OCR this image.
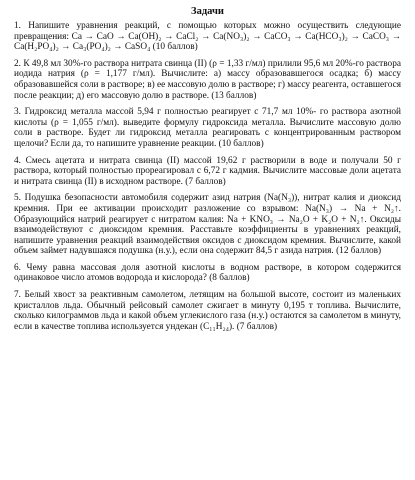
Задачи

1. Напишите уравнения реакций, с помощью которых можно осуществить следующие превращения: Ca → CaO → Ca(OH)₂ → CaCl₂ → Ca(NO₃)₂ → CaCO₃ → Ca(HCO₃)₂ → CaCO₃ → Ca(H₂PO₄)₂ → Ca₃(PO₄)₂ → CaSO₄ (10 баллов)

2. К 49,8 мл 30%-го раствора нитрата свинца (II) (ρ = 1,33 г/мл) прилили 95,6 мл 20%-го раствора иодида натрия (ρ = 1,177 г/мл). Вычислите: а) массу образовавшегося осадка; б) массу образовавшейся соли в растворе; в) ее массовую долю в растворе; г) массу реагента, оставшегося после реакции; д) его массовую долю в растворе. (13 баллов)

3. Гидроксид металла массой 5,94 г полностью реагирует с 71,7 мл 10%- го раствора азотной кислоты (ρ = 1,055 г/мл). выведите формулу гидроксида металла. Вычислите массовую долю соли в растворе. Будет ли гидроксид металла реагировать с концентрированным раствором щелочи? Если да, то напишите уравнение реакции. (10 баллов)

4. Смесь ацетата и нитрата свинца (II) массой 19,62 г растворили в воде и получали 50 г раствора, который полностью прореагировал с 6,72 г кадмия. Вычислите массовые доли ацетата и нитрата свинца (II) в исходном растворе. (7 баллов)

5. Подушка безопасности автомобиля содержит азид натрия (Na(N₃)), нитрат калия и диоксид кремния. При ее активации происходит разложение со взрывом: Na(N₃) → Na + N₂↑. Образующийся натрий реагирует с нитратом калия: Na + KNO₃ → Na₂O + K₂O + N₂↑. Оксиды взаимодействуют с диоксидом кремния. Расставьте коэффициенты в уравнениях реакций, напишите уравнения реакций взаимодействия оксидов с диоксидом кремния. Вычислите, какой объем займет надувшаяся подушка (н.у.), если она содержит 84,5 г азида натрия. (12 баллов)

6. Чему равна массовая доля азотной кислоты в водном растворе, в котором содержится одинаковое число атомов водорода и кислорода? (8 баллов)

7. Белый хвост за реактивным самолетом, летящим на большой высоте, состоит из маленьких кристаллов льда. Обычный рейсовый самолет сжигает в минуту 0,195 т топлива. Вычислите, сколько килограммов льда и какой объем углекислого газа (н.у.) остаются за самолетом в минуту, если в качестве топлива используется ундекан (C₁₁H₂₄). (7 баллов)
